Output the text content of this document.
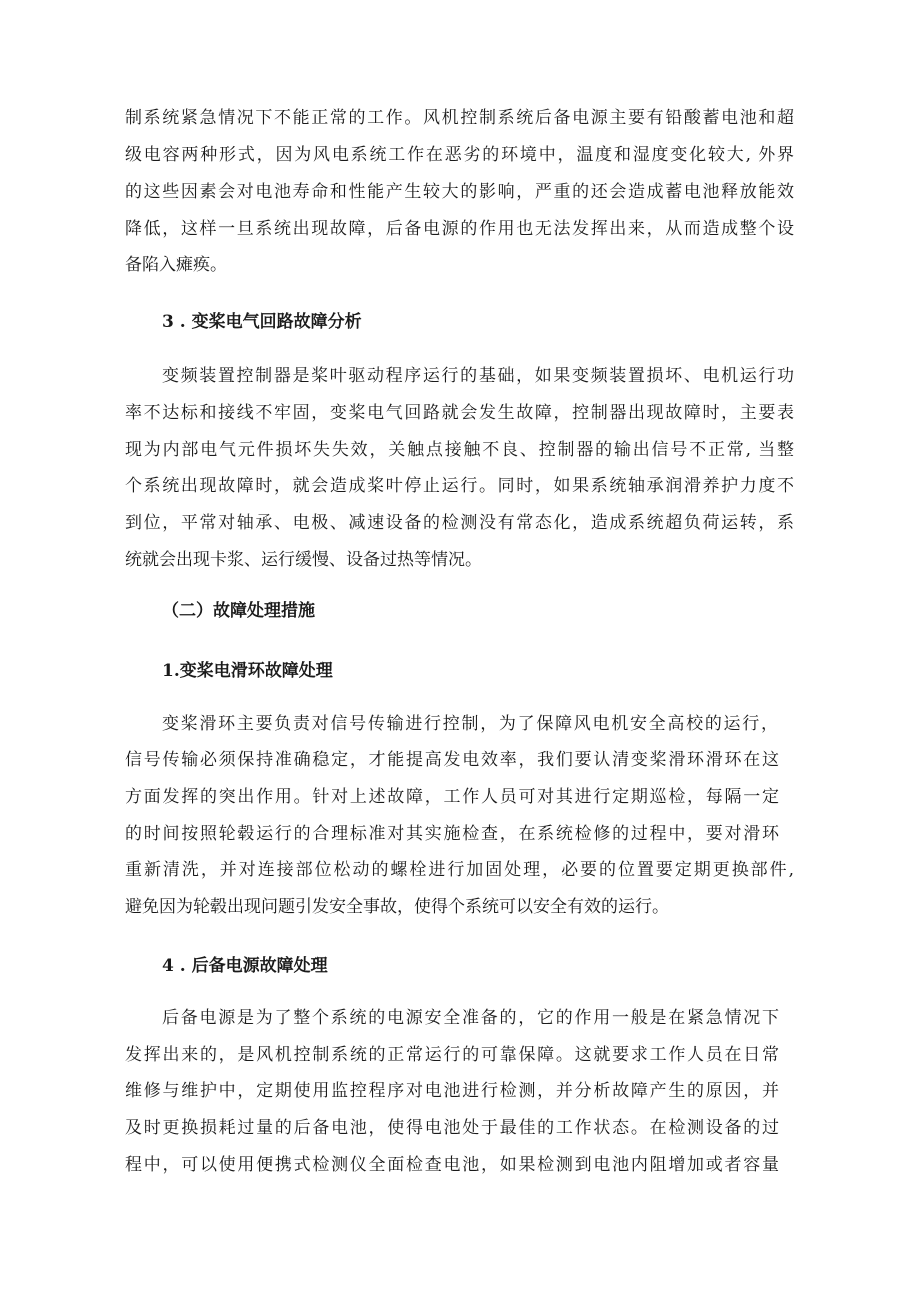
制系统紧急情况下不能正常的工作。风机控制系统后备电源主要有铅酸蓄电池和超
级电容两种形式，因为风电系统工作在恶劣的环境中，温度和湿度变化较大, 外界
的这些因素会对电池寿命和性能产生较大的影响，严重的还会造成蓄电池释放能效
降低，这样一旦系统出现故障，后备电源的作用也无法发挥出来，从而造成整个设
备陷入瘫痪。
3 . 变桨电气回路故障分析
变频装置控制器是桨叶驱动程序运行的基础，如果变频装置损坏、电机运行功
率不达标和接线不牢固，变桨电气回路就会发生故障，控制器出现故障时，主要表
现为内部电气元件损坏失失效，关触点接触不良、控制器的输出信号不正常, 当整
个系统出现故障时，就会造成桨叶停止运行。同时，如果系统轴承润滑养护力度不
到位，平常对轴承、电极、减速设备的检测没有常态化，造成系统超负荷运转，系
统就会出现卡浆、运行缓慢、设备过热等情况。
（二）故障处理措施
1.变桨电滑环故障处理
变桨滑环主要负责对信号传输进行控制，为了保障风电机安全高校的运行，
信号传输必须保持准确稳定，才能提高发电效率，我们要认清变桨滑环滑环在这
方面发挥的突出作用。针对上述故障，工作人员可对其进行定期巡检，每隔一定
的时间按照轮毂运行的合理标准对其实施检查，在系统检修的过程中，要对滑环
重新清洗，并对连接部位松动的螺栓进行加固处理，必要的位置要定期更换部件,
避免因为轮毂出现问题引发安全事故，使得个系统可以安全有效的运行。
4 . 后备电源故障处理
后备电源是为了整个系统的电源安全准备的，它的作用一般是在紧急情况下
发挥出来的，是风机控制系统的正常运行的可靠保障。这就要求工作人员在日常
维修与维护中，定期使用监控程序对电池进行检测，并分析故障产生的原因，并
及时更换损耗过量的后备电池，使得电池处于最佳的工作状态。在检测设备的过
程中，可以使用便携式检测仪全面检查电池，如果检测到电池内阻增加或者容量
